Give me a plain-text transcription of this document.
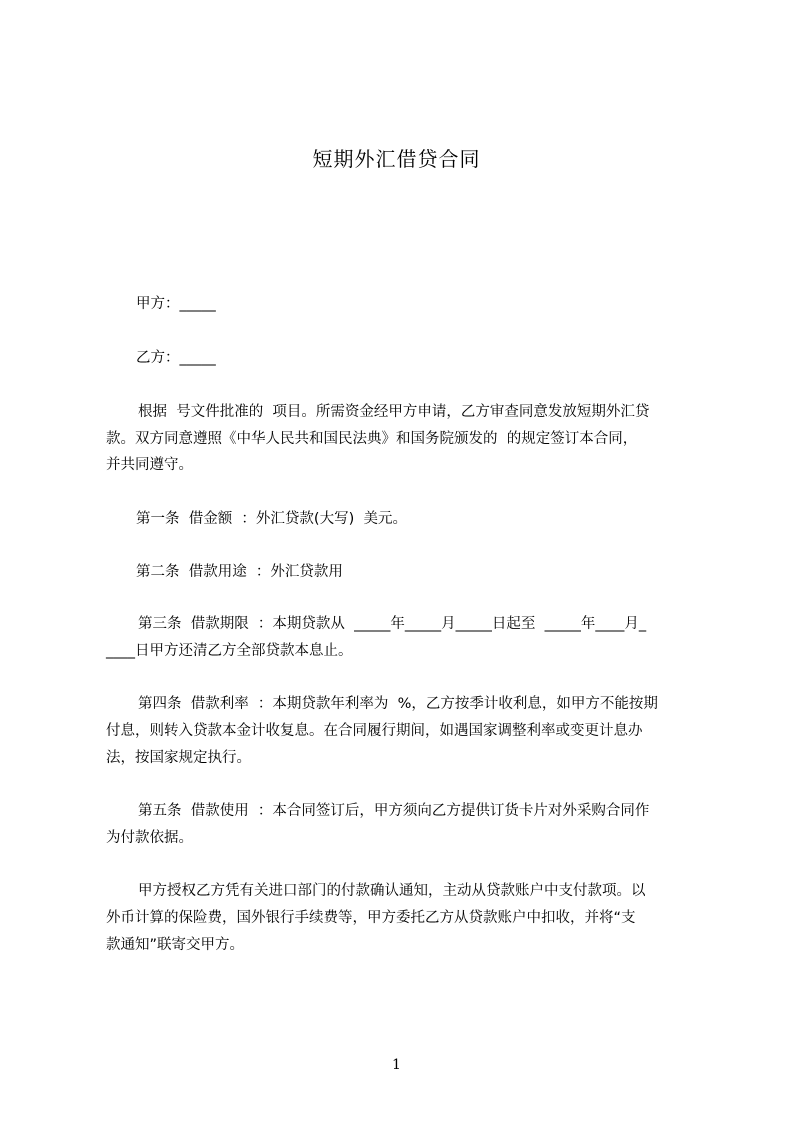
短期外汇借贷合同
甲方：_____
乙方：_____
根据  号文件批准的  项目。所需资金经甲方申请，乙方审查同意发放短期外汇贷
款。双方同意遵照《中华人民共和国民法典》和国务院颁发的  的规定签订本合同，
并共同遵守。
第一条  借金额  ：外汇贷款(大写)  美元。
第二条  借款用途  ：外汇贷款用
第三条  借款期限  ：本期贷款从  _____年_____月_____日起至  _____年____月_
____日甲方还清乙方全部贷款本息止。
第四条  借款利率  ：本期贷款年利率为  %，乙方按季计收利息，如甲方不能按期
付息，则转入贷款本金计收复息。在合同履行期间，如遇国家调整利率或变更计息办
法，按国家规定执行。
第五条  借款使用  ：本合同签订后，甲方须向乙方提供订货卡片对外采购合同作
为付款依据。
甲方授权乙方凭有关进口部门的付款确认通知，主动从贷款账户中支付款项。以
外币计算的保险费，国外银行手续费等，甲方委托乙方从贷款账户中扣收，并将“支
款通知”联寄交甲方。
1
